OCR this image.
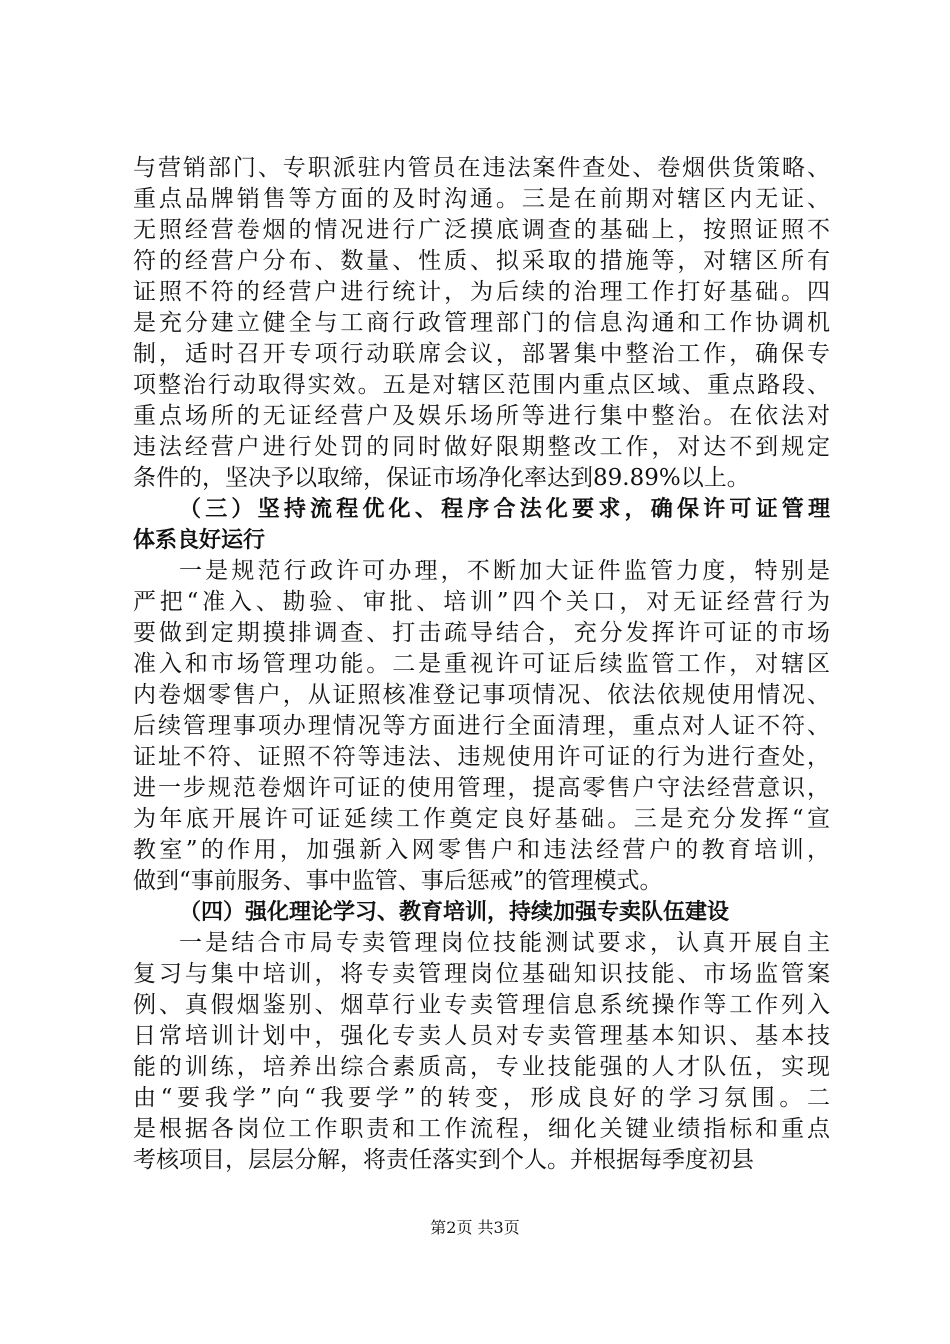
与营销部门、专职派驻内管员在违法案件查处、卷烟供货策略、
重点品牌销售等方面的及时沟通。三是在前期对辖区内无证、
无照经营卷烟的情况进行广泛摸底调查的基础上，按照证照不
符的经营户分布、数量、性质、拟采取的措施等，对辖区所有
证照不符的经营户进行统计，为后续的治理工作打好基础。四
是充分建立健全与工商行政管理部门的信息沟通和工作协调机
制，适时召开专项行动联席会议，部署集中整治工作，确保专
项整治行动取得实效。五是对辖区范围内重点区域、重点路段、
重点场所的无证经营户及娱乐场所等进行集中整治。在依法对
违法经营户进行处罚的同时做好限期整改工作，对达不到规定
条件的，坚决予以取缔，保证市场净化率达到89.89%以上。
（三）坚持流程优化、程序合法化要求，确保许可证管理
体系良好运行
一是规范行政许可办理，不断加大证件监管力度，特别是
严把“准入、勘验、审批、培训”四个关口，对无证经营行为
要做到定期摸排调查、打击疏导结合，充分发挥许可证的市场
准入和市场管理功能。二是重视许可证后续监管工作，对辖区
内卷烟零售户，从证照核准登记事项情况、依法依规使用情况、
后续管理事项办理情况等方面进行全面清理，重点对人证不符、
证址不符、证照不符等违法、违规使用许可证的行为进行查处，
进一步规范卷烟许可证的使用管理，提高零售户守法经营意识，
为年底开展许可证延续工作奠定良好基础。三是充分发挥“宣
教室”的作用，加强新入网零售户和违法经营户的教育培训，
做到“事前服务、事中监管、事后惩戒”的管理模式。
（四）强化理论学习、教育培训，持续加强专卖队伍建设
一是结合市局专卖管理岗位技能测试要求，认真开展自主
复习与集中培训，将专卖管理岗位基础知识技能、市场监管案
例、真假烟鉴别、烟草行业专卖管理信息系统操作等工作列入
日常培训计划中，强化专卖人员对专卖管理基本知识、基本技
能的训练，培养出综合素质高，专业技能强的人才队伍，实现
由“要我学”向“我要学”的转变，形成良好的学习氛围。二
是根据各岗位工作职责和工作流程，细化关键业绩指标和重点
考核项目，层层分解，将责任落实到个人。并根据每季度初县
第2页 共3页
